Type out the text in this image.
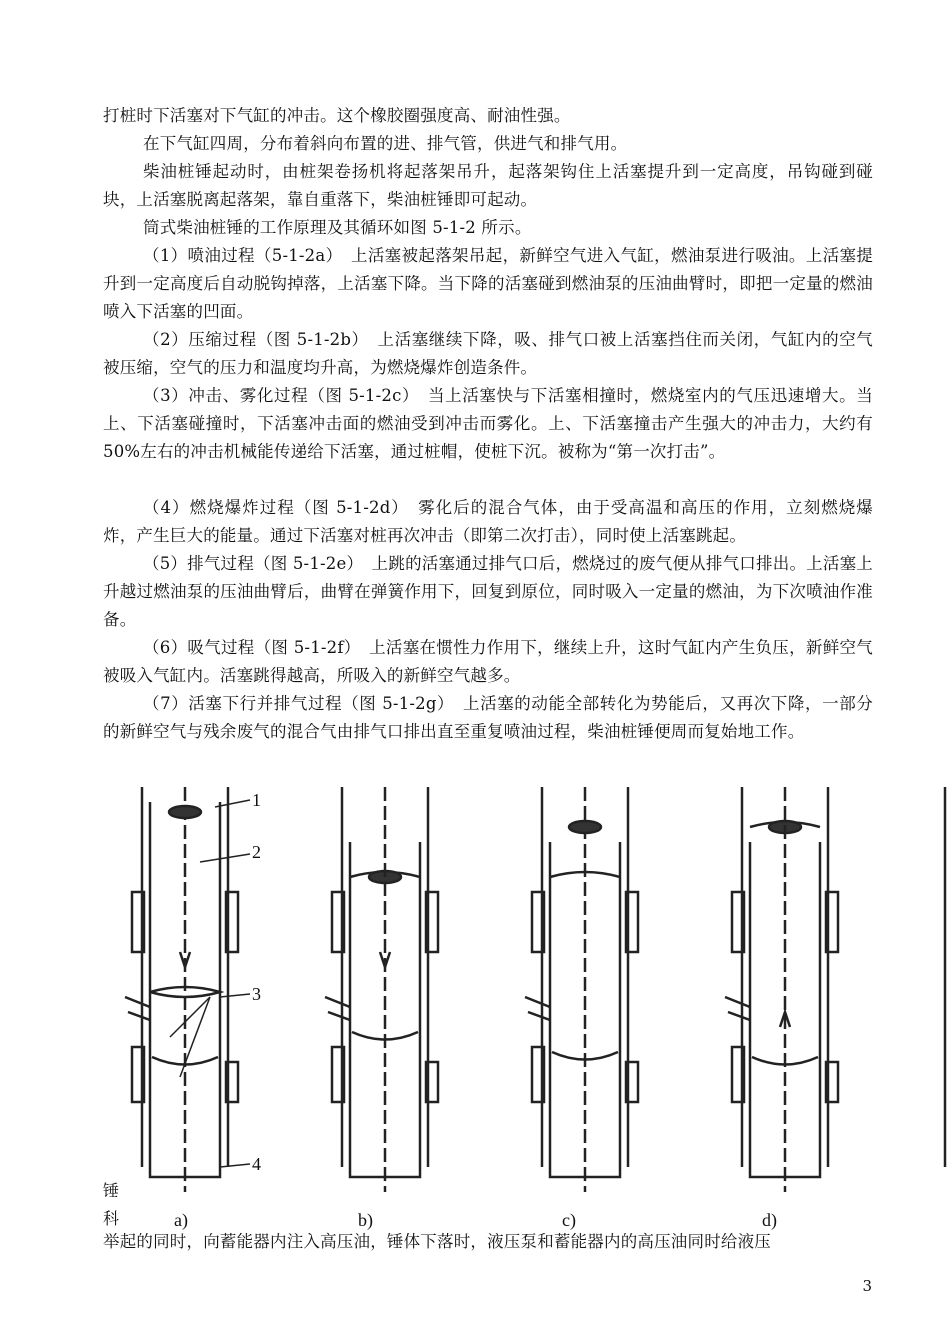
打桩时下活塞对下气缸的冲击。这个橡胶圈强度高、耐油性强。

在下气缸四周，分布着斜向布置的进、排气管，供进气和排气用。

柴油桩锤起动时，由桩架卷扬机将起落架吊升，起落架钩住上活塞提升到一定高度，吊钩碰到碰块，上活塞脱离起落架，靠自重落下，柴油桩锤即可起动。

筒式柴油桩锤的工作原理及其循环如图 5-1-2 所示。

（1）喷油过程（5-1-2a）　上活塞被起落架吊起，新鲜空气进入气缸，燃油泵进行吸油。上活塞提升到一定高度后自动脱钩掉落，上活塞下降。当下降的活塞碰到燃油泵的压油曲臂时，即把一定量的燃油喷入下活塞的凹面。

（2）压缩过程（图 5-1-2b）　上活塞继续下降，吸、排气口被上活塞挡住而关闭，气缸内的空气被压缩，空气的压力和温度均升高，为燃烧爆炸创造条件。

（3）冲击、雾化过程（图 5-1-2c）　当上活塞快与下活塞相撞时，燃烧室内的气压迅速增大。当上、下活塞碰撞时，下活塞冲击面的燃油受到冲击而雾化。上、下活塞撞击产生强大的冲击力，大约有 50%左右的冲击机械能传递给下活塞，通过桩帽，使桩下沉。被称为“第一次打击”。

（4）燃烧爆炸过程（图 5-1-2d）　雾化后的混合气体，由于受高温和高压的作用，立刻燃烧爆炸，产生巨大的能量。通过下活塞对桩再次冲击（即第二次打击），同时使上活塞跳起。

（5）排气过程（图 5-1-2e）　上跳的活塞通过排气口后，燃烧过的废气便从排气口排出。上活塞上升越过燃油泵的压油曲臂后，曲臂在弹簧作用下，回复到原位，同时吸入一定量的燃油，为下次喷油作准备。

（6）吸气过程（图 5-1-2f）　上活塞在惯性力作用下，继续上升，这时气缸内产生负压，新鲜空气被吸入气缸内。活塞跳得越高，所吸入的新鲜空气越多。

（7）活塞下行并排气过程（图 5-1-2g）　上活塞的动能全部转化为势能后，又再次下降，一部分的新鲜空气与残余废气的混合气由排气口排出直至重复喷油过程，柴油桩锤便周而复始地工作。

1
2
3
4
a)	b)	c)	d)
锤
科

举起的同时，向蓄能器内注入高压油，锤体下落时，液压泵和蓄能器内的高压油同时给液压

3
